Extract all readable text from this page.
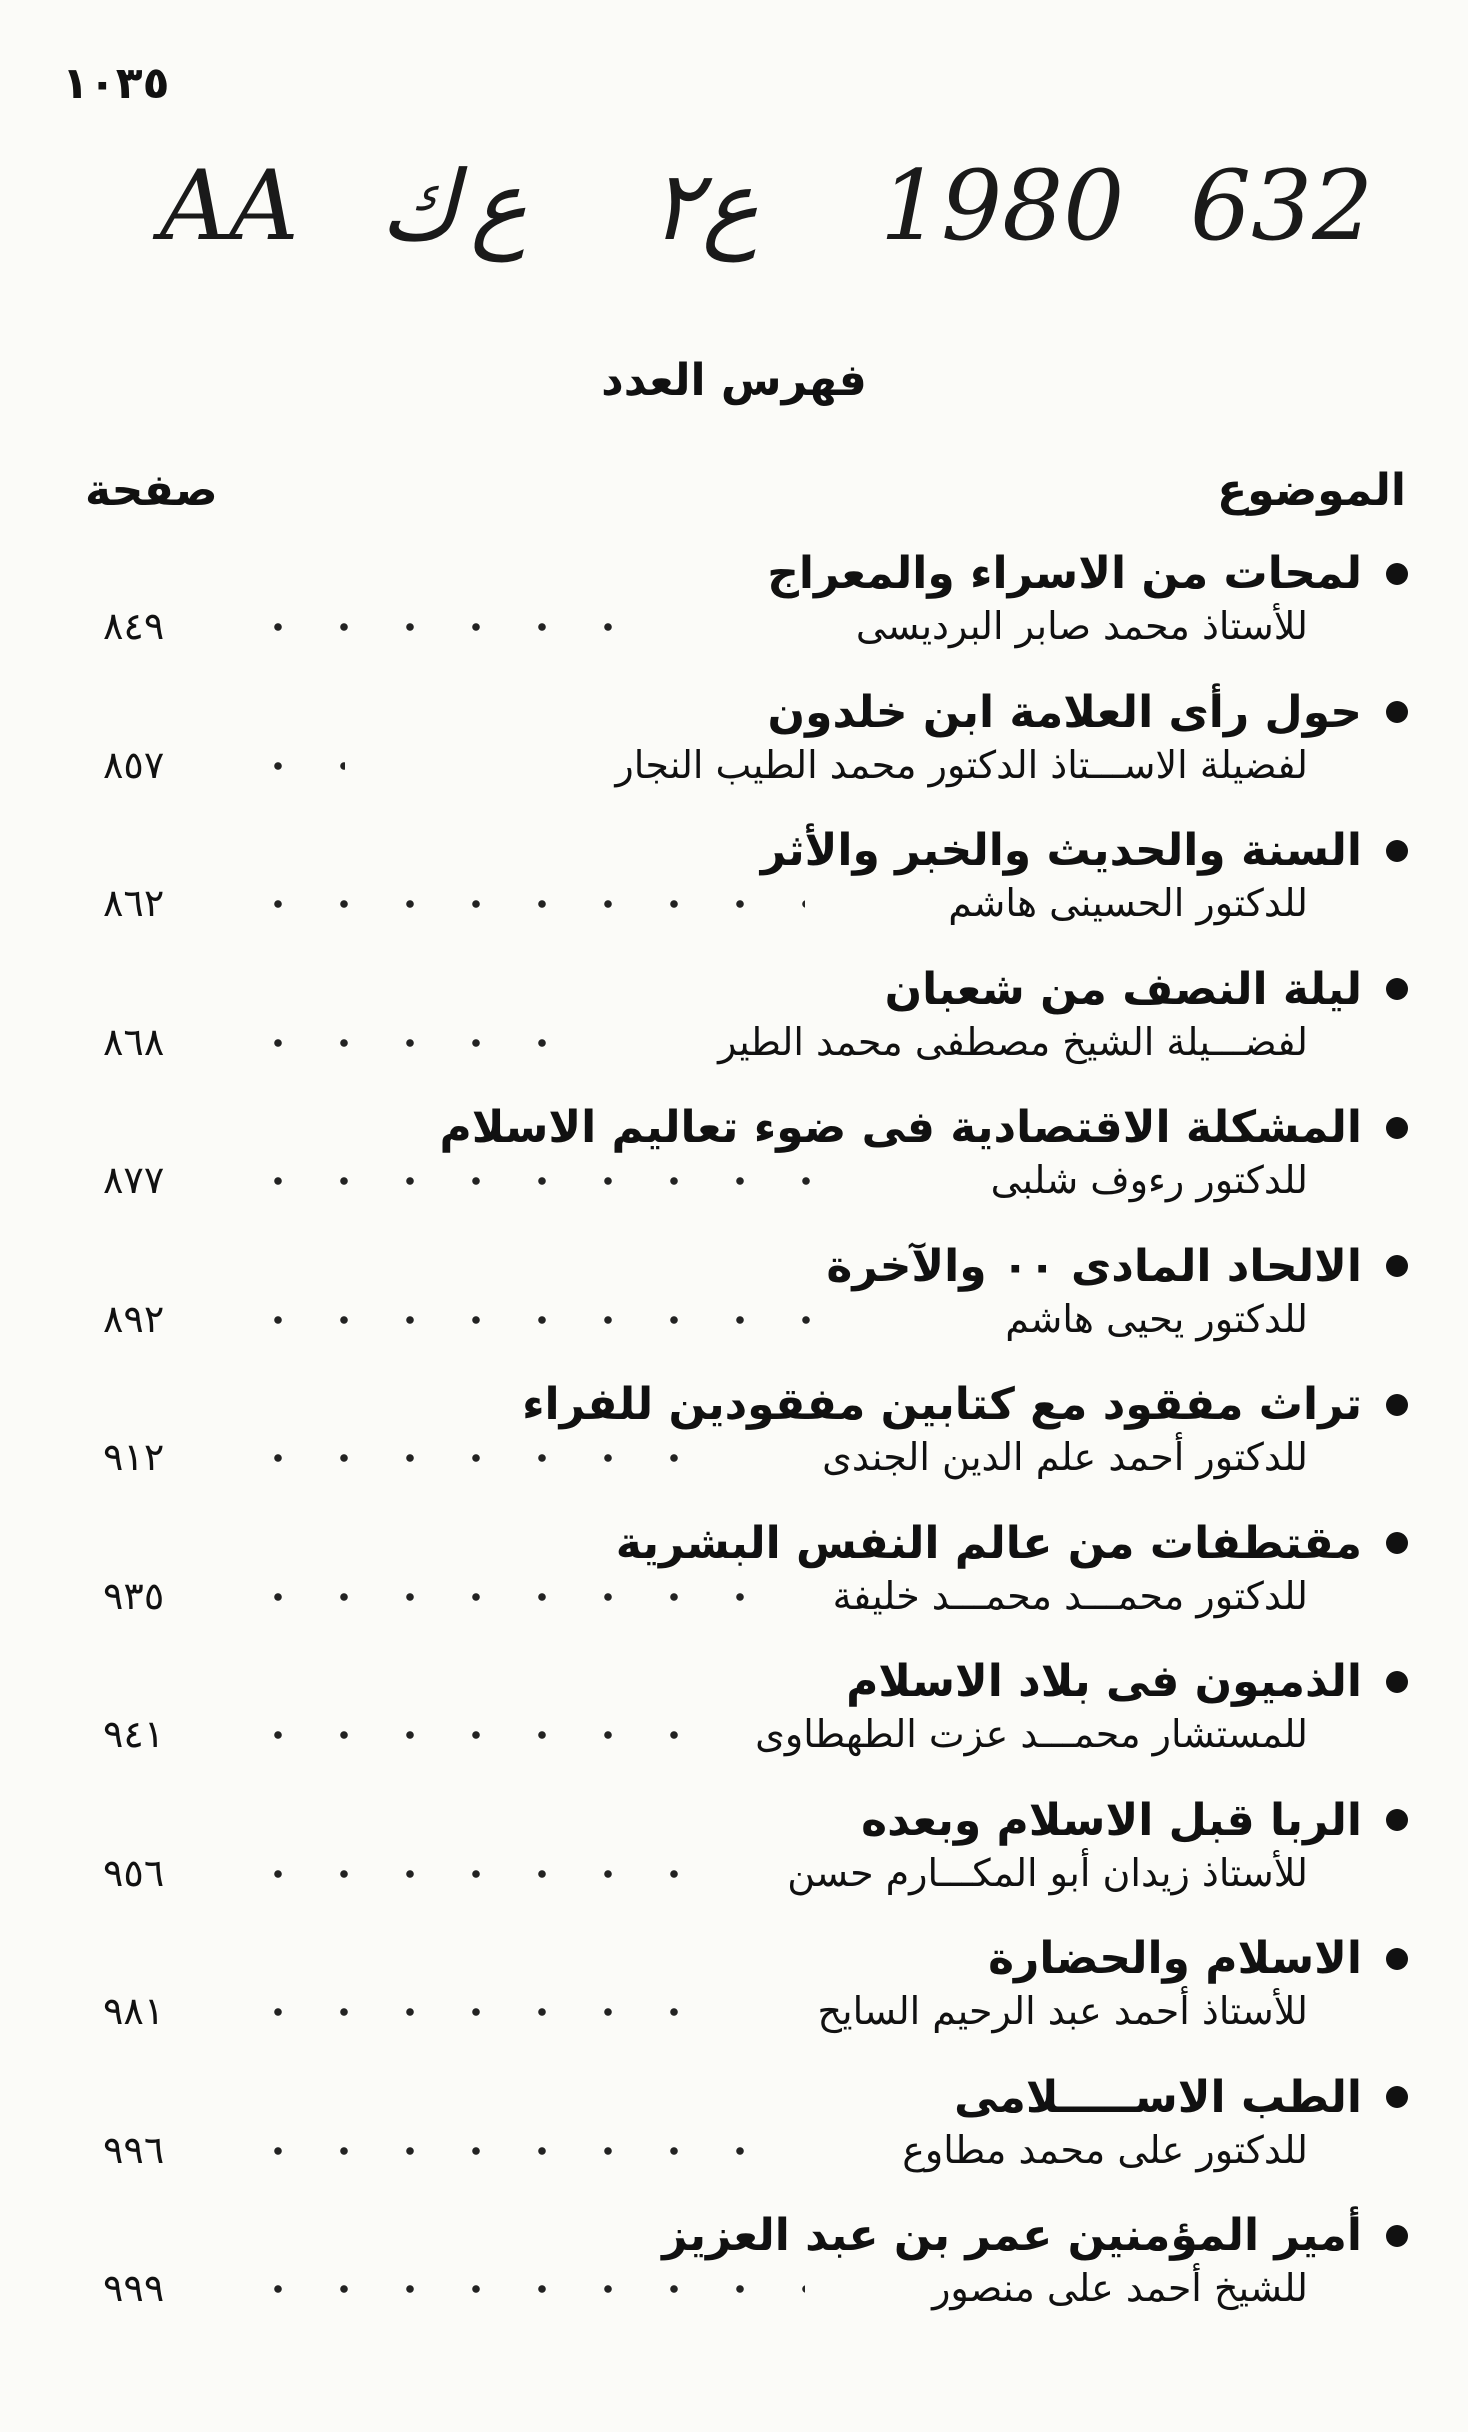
١٠٣٥
AA ك ع ع٢ 1980 632
فهرس العدد
الموضوع
صفحة
لمحات من الاسراء والمعراج
للأستاذ محمد صابر البرديسى
٨٤٩
حول رأى العلامة ابن خلدون
لفضيلة الاســـتاذ الدكتور محمد الطيب النجار
٨٥٧
السنة والحديث والخبر والأثر
للدكتور الحسينى هاشم
٨٦٢
ليلة النصف من شعبان
لفضـــيلة الشيخ مصطفى محمد الطير
٨٦٨
المشكلة الاقتصادية فى ضوء تعاليم الاسلام
للدكتور رءوف شلبى
٨٧٧
الالحاد المادى ٠٠ والآخرة
للدكتور يحيى هاشم
٨٩٢
تراث مفقود مع كتابين مفقودين للفراء
للدكتور أحمد علم الدين الجندى
٩١٢
مقتطفات من عالم النفس البشرية
للدكتور محمـــد محمـــد خليفة
٩٣٥
الذميون فى بلاد الاسلام
للمستشار محمـــد عزت الطهطاوى
٩٤١
الربا قبل الاسلام وبعده
للأستاذ زيدان أبو المكـــارم حسن
٩٥٦
الاسلام والحضارة
للأستاذ أحمد عبد الرحيم السايح
٩٨١
الطب الاســـــلامى
للدكتور على محمد مطاوع
٩٩٦
أمير المؤمنين عمر بن عبد العزيز
للشيخ أحمد على منصور
٩٩٩
